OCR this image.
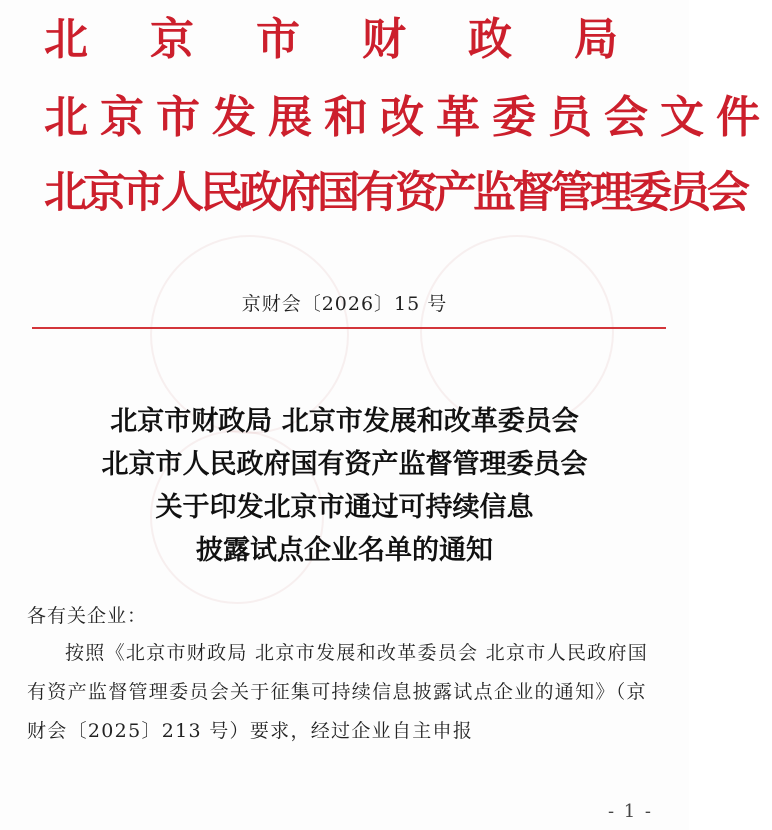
北京市财政局
北京市发展和改革委员会文件
北京市人民政府国有资产监督管理委员会
京财会〔2026〕15 号
北京市财政局 北京市发展和改革委员会
北京市人民政府国有资产监督管理委员会
关于印发北京市通过可持续信息
披露试点企业名单的通知
各有关企业：

按照《北京市财政局 北京市发展和改革委员会 北京市人民政府国有资产监督管理委员会关于征集可持续信息披露试点企业的通知》（京财会〔2025〕213 号）要求，经过企业自主申报

- 1 -
